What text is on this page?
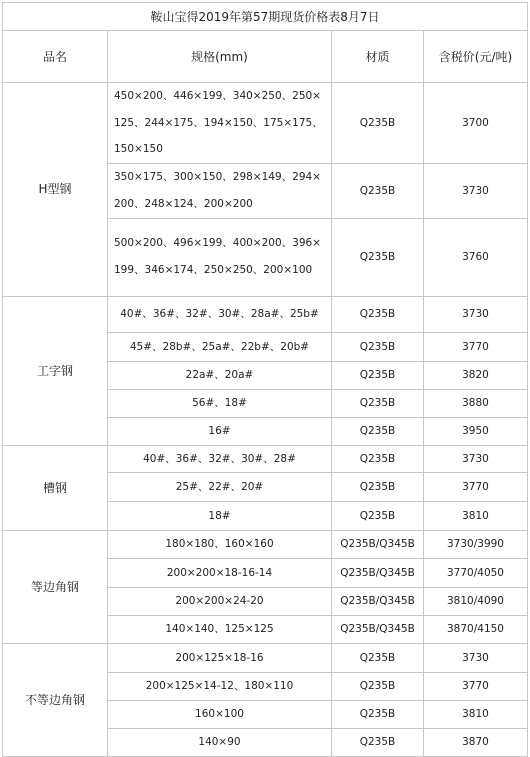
鞍山宝得2019年第57期现货价格表8月7日			
品名	规格(mm)	材质	含税价(元/吨)
H型钢	450×200、446×199、340×250、250×125、244×175、194×150、175×175、150×150	Q235B	3700
	350×175、300×150、298×149、294×200、248×124、200×200	Q235B	3730
	500×200、496×199、400×200、396×199、346×174、250×250、200×100	Q235B	3760
工字钢	40#、36#、32#、30#、28a#、25b#	Q235B	3730
	45#、28b#、25a#、22b#、20b#	Q235B	3770
	22a#、20a#	Q235B	3820
	56#、18#	Q235B	3880
	16#	Q235B	3950
槽钢	40#、36#、32#、30#、28#	Q235B	3730
	25#、22#、20#	Q235B	3770
	18#	Q235B	3810
等边角钢	180×180、160×160	Q235B/Q345B	3730/3990
	200×200×18-16-14	Q235B/Q345B	3770/4050
	200×200×24-20	Q235B/Q345B	3810/4090
	140×140、125×125	Q235B/Q345B	3870/4150
不等边角钢	200×125×18-16	Q235B	3730
	200×125×14-12、180×110	Q235B	3770
	160×100	Q235B	3810
	140×90	Q235B	3870
